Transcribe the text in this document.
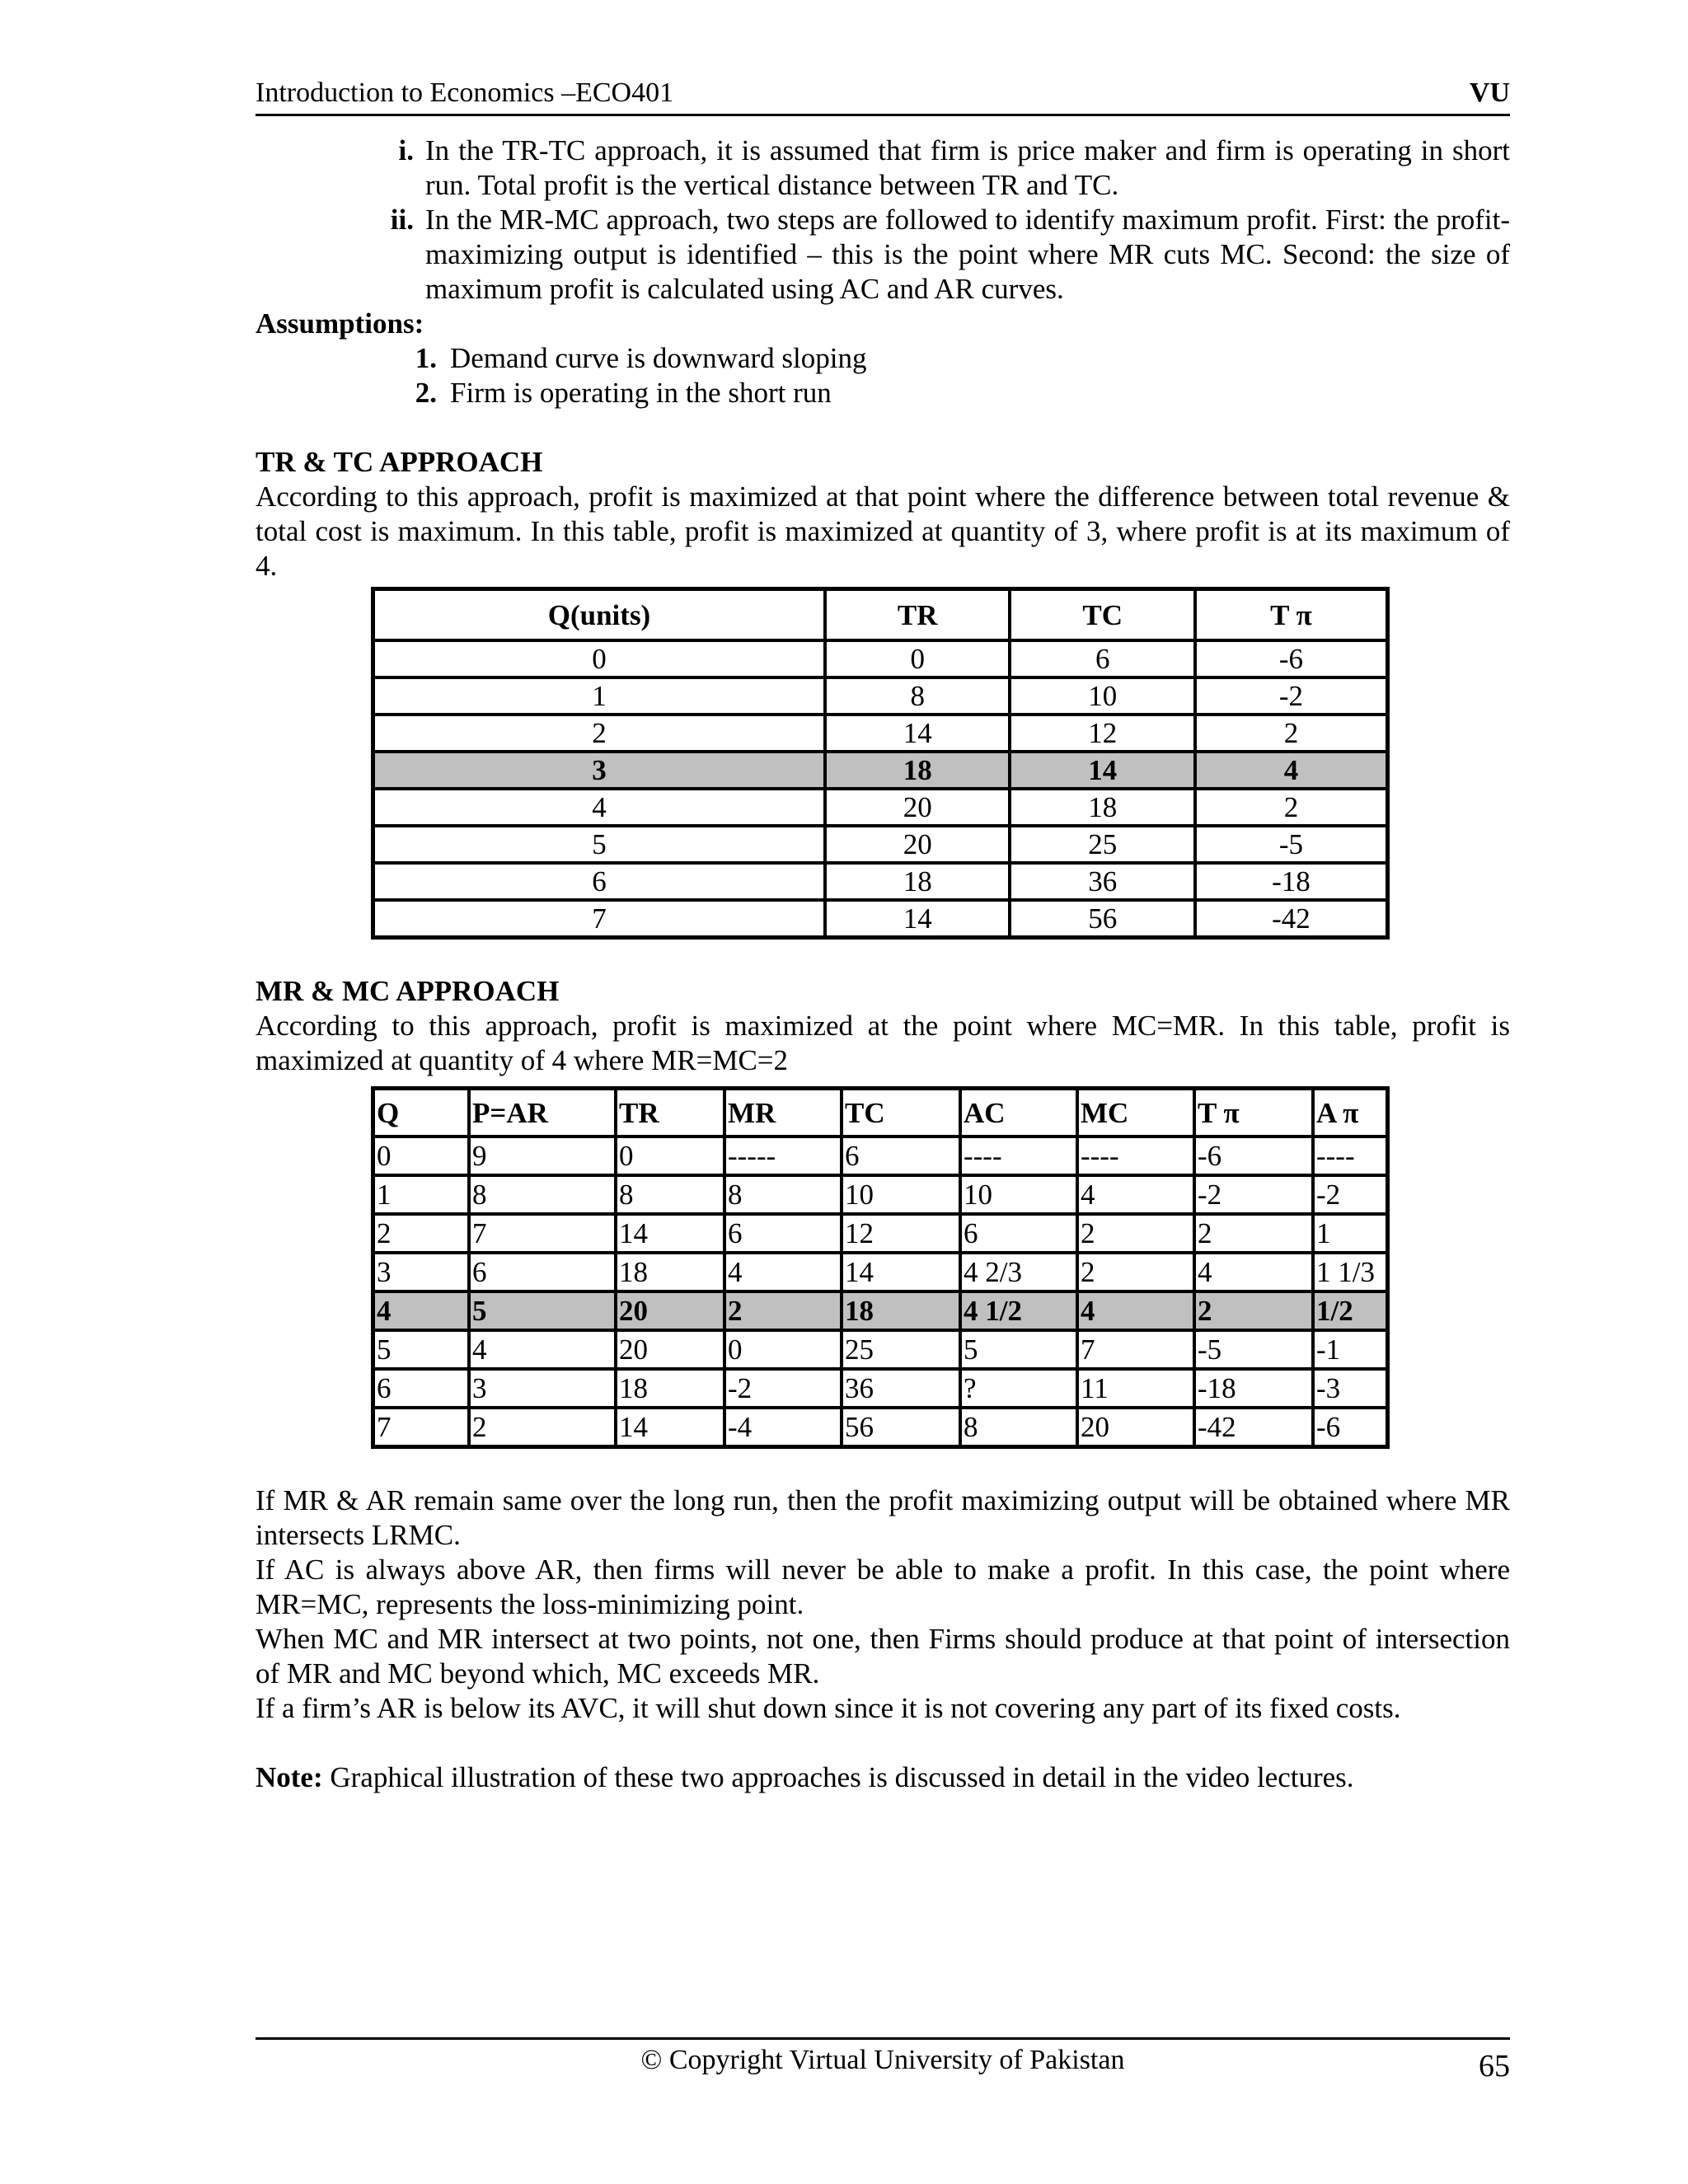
Introduction to Economics –ECO401	VU
i. In the TR-TC approach, it is assumed that firm is price maker and firm is operating in short run. Total profit is the vertical distance between TR and TC.
ii. In the MR-MC approach, two steps are followed to identify maximum profit. First: the profit-maximizing output is identified – this is the point where MR cuts MC. Second: the size of maximum profit is calculated using AC and AR curves.

Assumptions:

1. Demand curve is downward sloping
2. Firm is operating in the short run

TR & TC APPROACH

According to this approach, profit is maximized at that point where the difference between total revenue & total cost is maximum. In this table, profit is maximized at quantity of 3, where profit is at its maximum of 4.

Q(units)	TR	TC	T π
0	0	6	-6
1	8	10	-2
2	14	12	2
3	18	14	4
4	20	18	2
5	20	25	-5
6	18	36	-18
7	14	56	-42

MR & MC APPROACH

According to this approach, profit is maximized at the point where MC=MR. In this table, profit is maximized at quantity of 4 where MR=MC=2

Q	P=AR	TR	MR	TC	AC	MC	T π	A π
0	9	0	-----	6	----	----	-6	----
1	8	8	8	10	10	4	-2	-2
2	7	14	6	12	6	2	2	1
3	6	18	4	14	4 2/3	2	4	1 1/3
4	5	20	2	18	4 1/2	4	2	1/2
5	4	20	0	25	5	7	-5	-1
6	3	18	-2	36	?	11	-18	-3
7	2	14	-4	56	8	20	-42	-6

If MR & AR remain same over the long run, then the profit maximizing output will be obtained where MR intersects LRMC.

If AC is always above AR, then firms will never be able to make a profit. In this case, the point where MR=MC, represents the loss-minimizing point.

When MC and MR intersect at two points, not one, then Firms should produce at that point of intersection of MR and MC beyond which, MC exceeds MR.

If a firm’s AR is below its AVC, it will shut down since it is not covering any part of its fixed costs.

Note: Graphical illustration of these two approaches is discussed in detail in the video lectures.

© Copyright Virtual University of Pakistan	65
